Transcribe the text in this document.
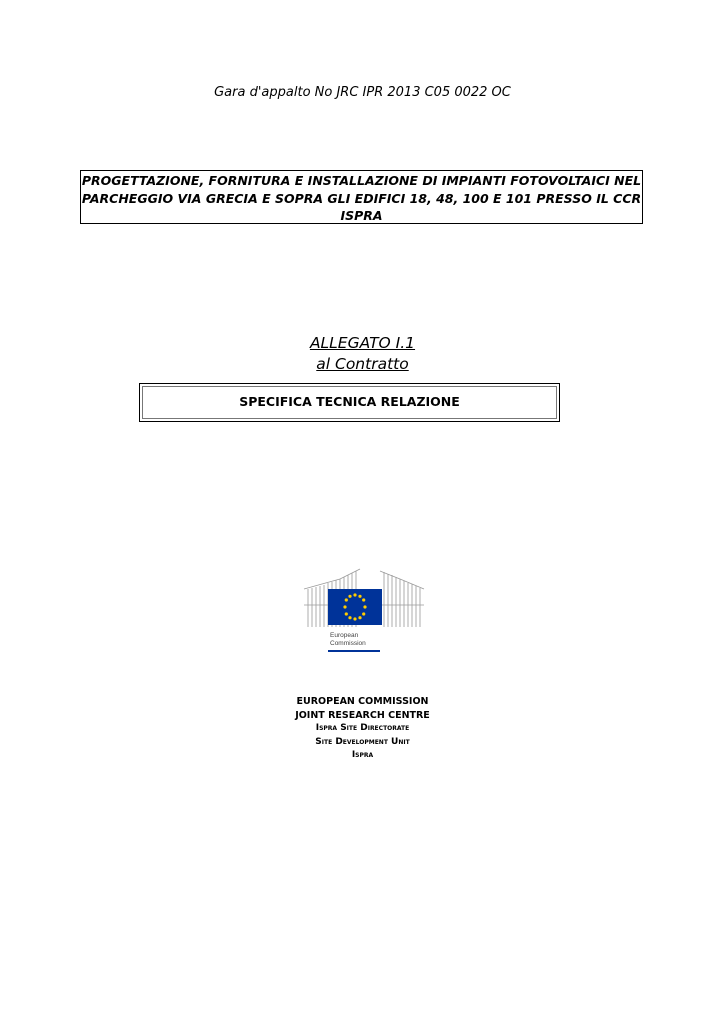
Gara d'appalto No JRC IPR 2013 C05 0022 OC
PROGETTAZIONE, FORNITURA E INSTALLAZIONE DI IMPIANTI FOTOVOLTAICI NEL
PARCHEGGIO VIA GRECIA E SOPRA GLI EDIFICI 18, 48, 100 E 101 PRESSO IL CCR
ISPRA
ALLEGATO I.1
al Contratto
SPECIFICA TECNICA RELAZIONE
European
Commission
EUROPEAN COMMISSION
JOINT RESEARCH CENTRE
Ispra Site Directorate
Site Development Unit
Ispra
